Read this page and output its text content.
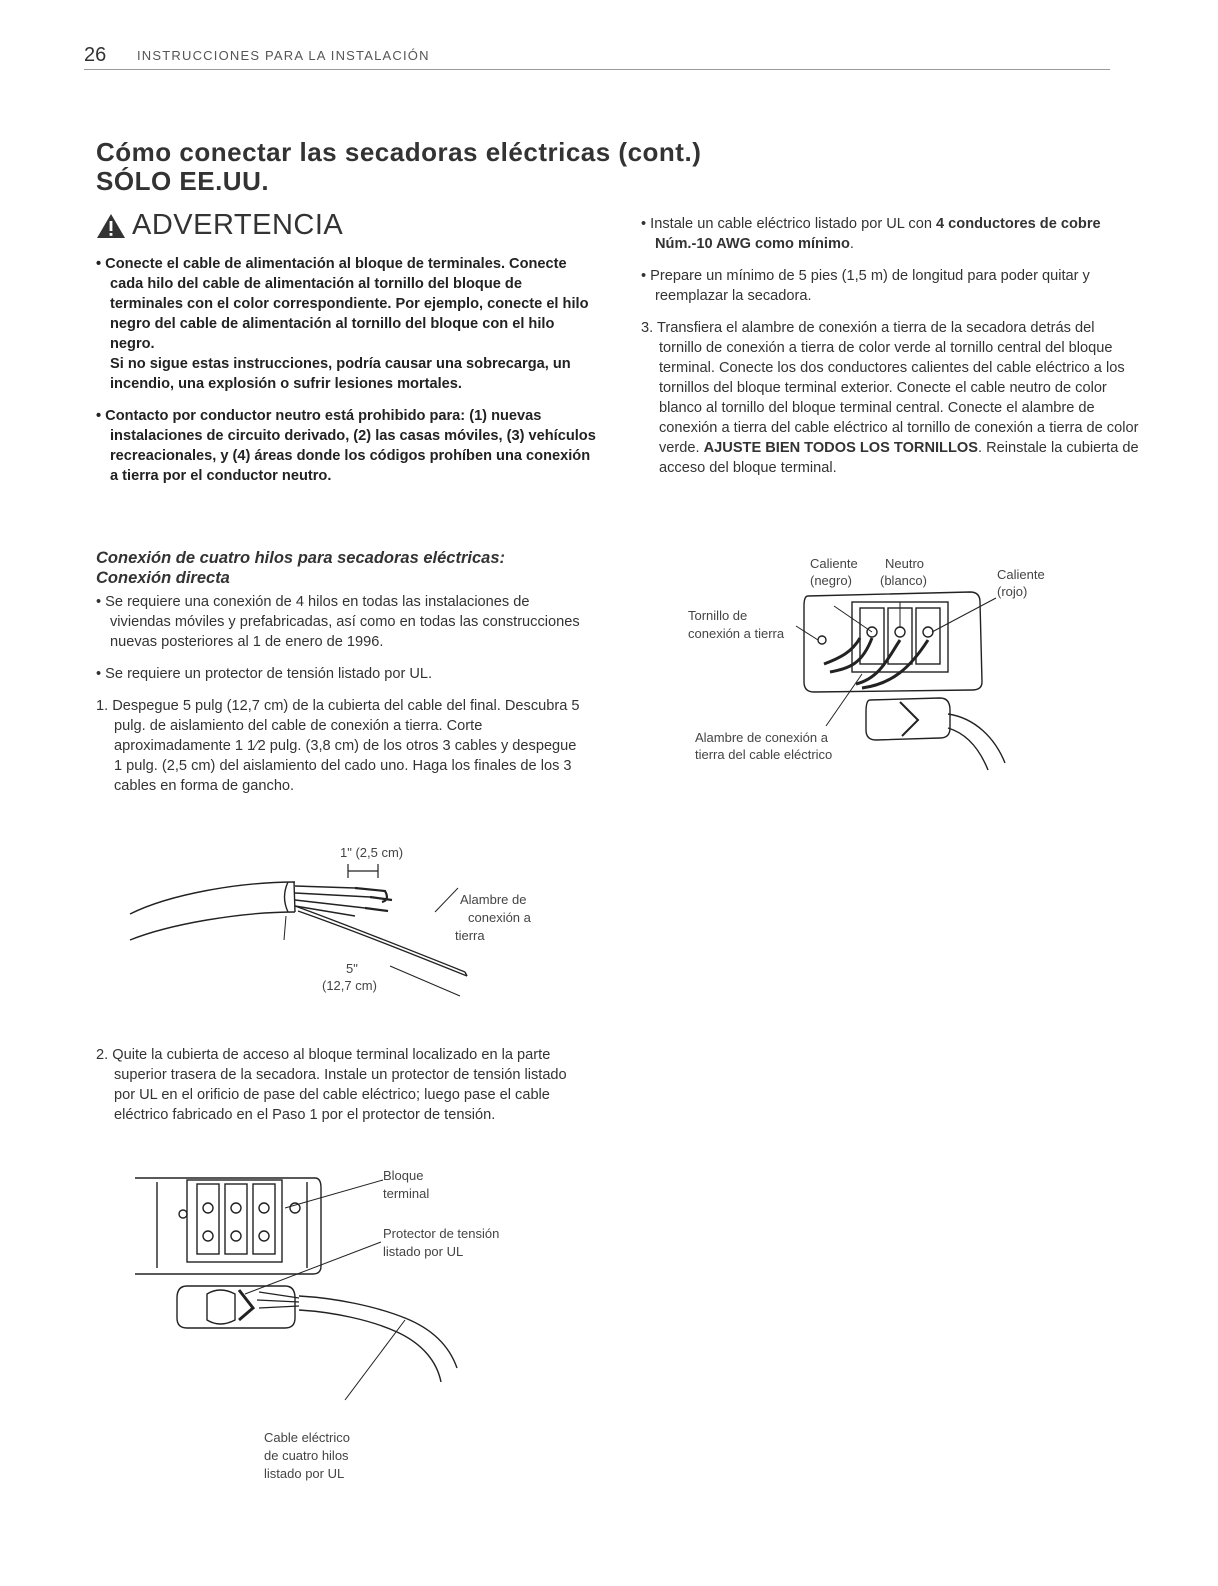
26 INSTRUCCIONES PARA LA INSTALACIÓN
Cómo conectar las secadoras eléctricas (cont.)
SÓLO EE.UU.
ADVERTENCIA

• Conecte el cable de alimentación al bloque de terminales. Conecte cada hilo del cable de alimentación al tornillo del bloque de terminales con el color correspondiente. Por ejemplo, conecte el hilo negro del cable de alimentación al tornillo del bloque con el hilo negro.
Si no sigue estas instrucciones, podría causar una sobrecarga, un incendio, una explosión o sufrir lesiones mortales.

• Contacto por conductor neutro está prohibido para: (1) nuevas instalaciones de circuito derivado, (2) las casas móviles, (3) vehículos recreacionales, y (4) áreas donde los códigos prohíben una conexión a tierra por el conductor neutro.

Conexión de cuatro hilos para secadoras eléctricas:
Conexión directa

• Se requiere una conexión de 4 hilos en todas las instalaciones de viviendas móviles y prefabricadas, así como en todas las construcciones nuevas posteriores al 1 de enero de 1996.

• Se requiere un protector de tensión listado por UL.

1. Despegue 5 pulg (12,7 cm) de la cubierta del cable del final. Descubra 5 pulg. de aislamiento del cable de conexión a tierra. Corte aproximadamente 1 1⁄2 pulg. (3,8 cm) de los otros 3 cables y despegue 1 pulg. (2,5 cm) del aislamiento del cado uno. Haga los finales de los 3 cables en forma de gancho.

1" (2,5 cm)
Alambre de
conexión a
tierra
5"
(12,7 cm)
2. Quite la cubierta de acceso al bloque terminal localizado en la parte superior trasera de la secadora. Instale un protector de tensión listado por UL en el orificio de pase del cable eléctrico; luego pase el cable eléctrico fabricado en el Paso 1 por el protector de tensión.
Bloque
terminal
Protector de tensión
listado por UL
Cable eléctrico
de cuatro hilos
listado por UL

• Instale un cable eléctrico listado por UL con 4 conductores de cobre Núm.-10 AWG como mínimo.

• Prepare un mínimo de 5 pies (1,5 m) de longitud para poder quitar y reemplazar la secadora.

3. Transfiera el alambre de conexión a tierra de la secadora detrás del tornillo de conexión a tierra de color verde al tornillo central del bloque terminal. Conecte los dos conductores calientes del cable eléctrico a los tornillos del bloque terminal exterior. Conecte el cable neutro de color blanco al tornillo del bloque terminal central. Conecte el alambre de conexión a tierra del cable eléctrico al tornillo de conexión a tierra de color verde. AJUSTE BIEN TODOS LOS TORNILLOS. Reinstale la cubierta de acceso del bloque terminal.

Caliente
(negro)
Neutro
(blanco)	Caliente
(rojo)
Tornillo de
conexión a tierra
Alambre de conexión a
tierra del cable eléctrico
